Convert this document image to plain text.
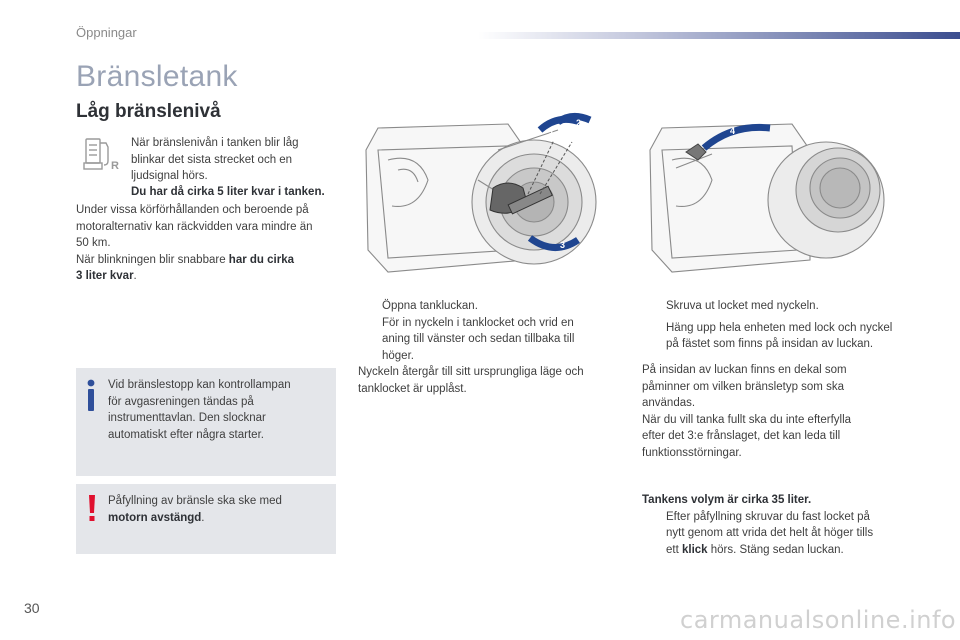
Öppningar
Bränsletank
Låg bränslenivå
R

När bränslenivån i tanken blir låg

blinkar det sista strecket och en

ljudsignal hörs.

Du har då cirka 5 liter kvar i tanken.

Under vissa körförhållanden och beroende på

motoralternativ kan räckvidden vara mindre än

50 km.

När blinkningen blir snabbare har du cirka

3 liter kvar.

Vid bränslestopp kan kontrollampan

för avgasreningen tändas på

instrumenttavlan. Den slocknar

automatiskt efter några starter.

Påfyllning av bränsle ska ske med

motorn avstängd.

1
2
3
4
Öppna tankluckan.
För in nyckeln i tanklocket och vrid en
aning till vänster och sedan tillbaka till
höger.

Nyckeln återgår till sitt ursprungliga läge och

tanklocket är upplåst.

Skruva ut locket med nyckeln.
Häng upp hela enheten med lock och nyckel
på fästet som finns på insidan av luckan.

På insidan av luckan finns en dekal som

påminner om vilken bränsletyp som ska

användas.

När du vill tanka fullt ska du inte efterfylla

efter det 3:e frånslaget, det kan leda till

funktionsstörningar.

Tankens volym är cirka 35 liter.

Efter påfyllning skruvar du fast locket på
nytt genom att vrida det helt åt höger tills
ett klick hörs. Stäng sedan luckan.
30	carmanualsonline.info
